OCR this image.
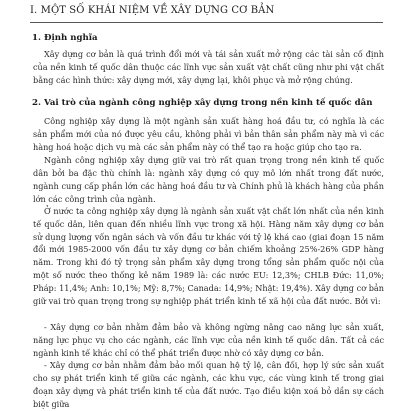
I. MỘT SỐ KHÁI NIỆM VỀ XÂY DỰNG CƠ BẢN
1. Định nghĩa
Xây dựng cơ bản là quá trình đổi mới và tái sản xuất mở rộng các tài sản cố định của nền kinh tế quốc dân thuộc các lĩnh vực sản xuất vật chất cũng như phi vật chất bằng các hình thức: xây dựng mới, xây dựng lại, khôi phục và mở rộng chúng.
2. Vai trò của ngành công nghiệp xây dựng trong nền kinh tế quốc dân
Công nghiệp xây dựng là một ngành sản xuất hàng hoá đầu tư, có nghĩa là các sản phẩm mới của nó được yêu cầu, không phải vì bản thân sản phẩm này mà vì các hàng hoá hoặc dịch vụ mà các sản phẩm này có thể tạo ra hoặc giúp cho tạo ra.
Ngành công nghiệp xây dựng giữ vai trò rất quan trọng trong nền kinh tế quốc dân bởi ba đặc thù chính là: ngành xây dựng có quy mô lớn nhất trong đất nước, ngành cung cấp phần lớn các hàng hoá đầu tư và Chính phủ là khách hàng của phần lớn các công trình của ngành.
Ở nước ta công nghiệp xây dựng là ngành sản xuất vật chất lớn nhất của nền kinh tế quốc dân, liên quan đến nhiều lĩnh vực trong xã hội. Hàng năm xây dựng cơ bản sử dụng lượng vốn ngân sách và vốn đầu tư khác với tỷ lệ khá cao (giai đoạn 15 năm đổi mới 1985-2000 vốn đầu tư xây dựng cơ bản chiếm khoảng 25%-26% GDP hàng năm. Trong khi đó tỷ trọng sản phẩm xây dựng trong tổng sản phẩm quốc nội của một số nước theo thống kê năm 1989 là: các nước EU: 12,3%; CHLB Đức: 11,0%; Pháp: 11,4%; Anh: 10,1%; Mỹ: 8,7%; Canada: 14,9%; Nhật: 19,4%). Xây dựng cơ bản giữ vai trò quan trọng trong sự nghiệp phát triển kinh tế xã hội của đất nước. Bởi vì:
- Xây dựng cơ bản nhằm đảm bảo và không ngừng nâng cao năng lực sản xuất, năng lực phục vụ cho các ngành, các lĩnh vực của nền kinh tế quốc dân. Tất cả các ngành kinh tế khác chỉ có thể phát triển được nhờ có xây dựng cơ bản.
- Xây dựng cơ bản nhằm đảm bảo mối quan hệ tỷ lệ, cân đối, hợp lý sức sản xuất cho sự phát triển kinh tế giữa các ngành, các khu vực, các vùng kinh tế trong giai đoạn xây dựng và phát triển kinh tế của đất nước. Tạo điều kiện xoá bỏ dần sự cách biệt giữa
